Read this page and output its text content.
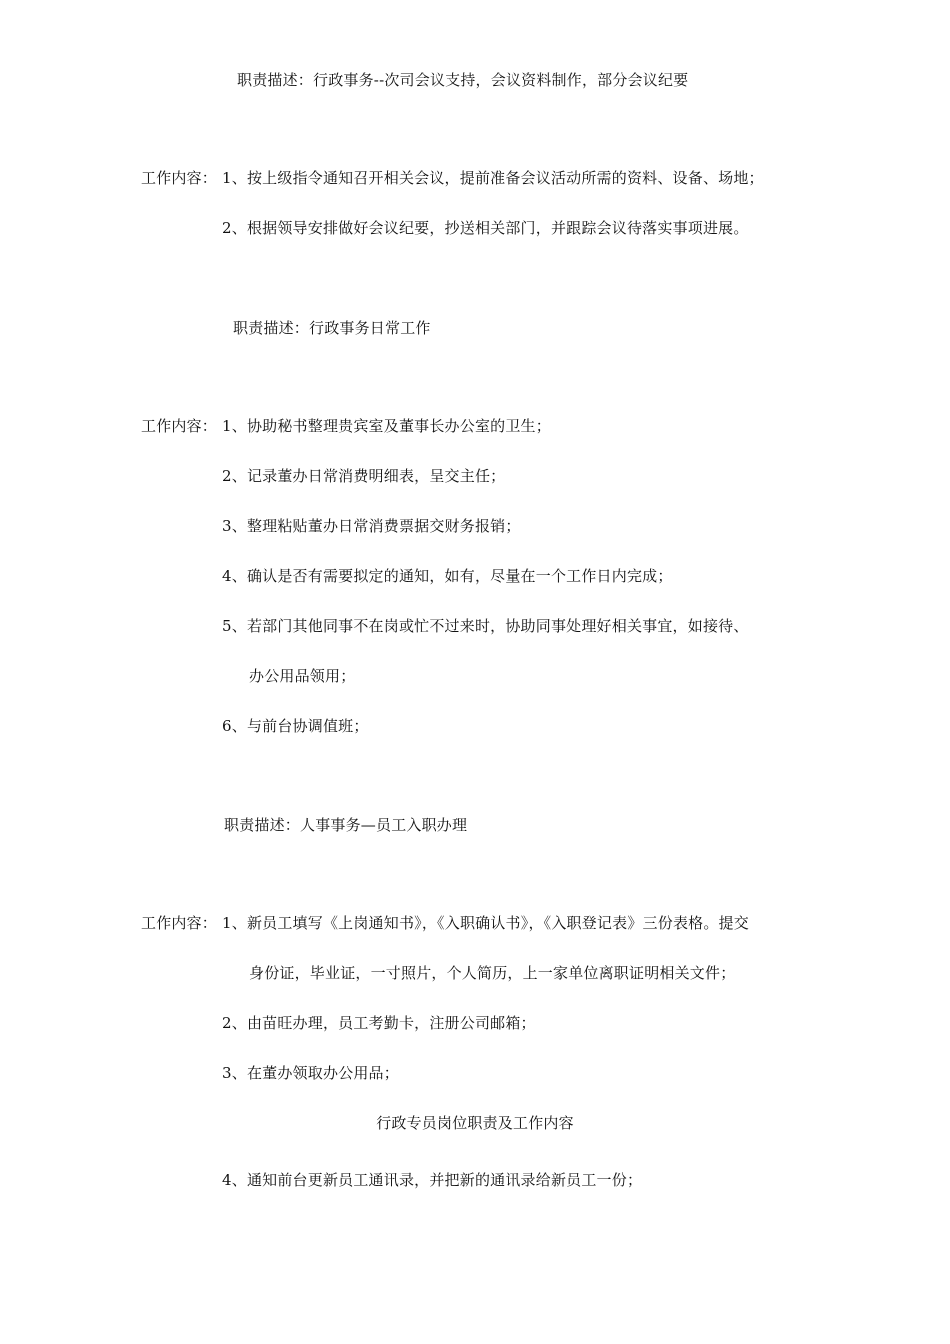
职责描述：行政事务--次司会议支持，会议资料制作，部分会议纪要
工作内容： 1、按上级指令通知召开相关会议，提前准备会议活动所需的资料、设备、场地；
2、根据领导安排做好会议纪要，抄送相关部门，并跟踪会议待落实事项进展。
职责描述：行政事务日常工作
工作内容： 1、协助秘书整理贵宾室及董事长办公室的卫生；
2、记录董办日常消费明细表，呈交主任；
3、整理粘贴董办日常消费票据交财务报销；
4、确认是否有需要拟定的通知，如有，尽量在一个工作日内完成；
5、若部门其他同事不在岗或忙不过来时，协助同事处理好相关事宜，如接待、
办公用品领用；
6、与前台协调值班；
职责描述：人事事务—员工入职办理
工作内容： 1、新员工填写《上岗通知书》，《入职确认书》，《入职登记表》三份表格。提交
身份证，毕业证，一寸照片，个人简历，上一家单位离职证明相关文件；
2、由苗旺办理，员工考勤卡，注册公司邮箱；
3、在董办领取办公用品；
行政专员岗位职责及工作内容
4、通知前台更新员工通讯录，并把新的通讯录给新员工一份；
